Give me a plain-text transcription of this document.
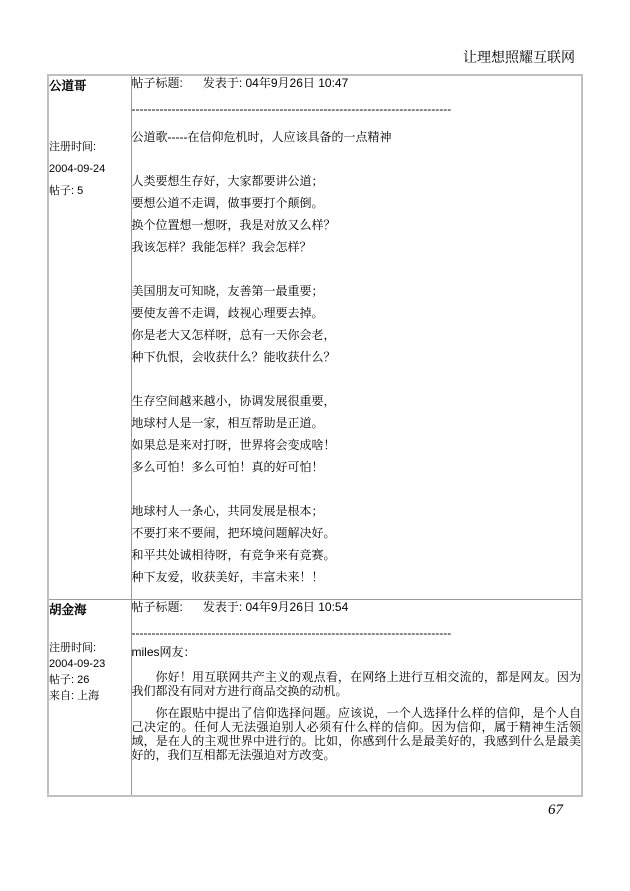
让理想照耀互联网
公道哥
注册时间:
2004-09-24
帖子: 5

帖子标题: 发表于: 04年9月26日 10:47
--------------------------------------------------------------------------------
公道歌-----在信仰危机时，人应该具备的一点精神
人类要想生存好，大家都要讲公道；
要想公道不走调，做事要打个颠倒。
换个位置想一想呀，我是对放又么样？
我该怎样？我能怎样？我会怎样？
美国朋友可知晓，友善第一最重要；
要使友善不走调，歧视心理要去掉。
你是老大又怎样呀，总有一天你会老，
种下仇恨，会收获什么？能收获什么？
生存空间越来越小，协调发展很重要，
地球村人是一家，相互帮助是正道。
如果总是来对打呀，世界将会变成啥！
多么可怕！多么可怕！真的好可怕！
地球村人一条心，共同发展是根本；
不要打来不要闹，把环境问题解决好。
和平共处诚相待呀，有竞争来有竞赛。
种下友爱，收获美好，丰富未来！！

胡金海
注册时间:
2004-09-23
帖子: 26
来自: 上海

帖子标题: 发表于: 04年9月26日 10:54
--------------------------------------------------------------------------------
miles网友：

你好！用互联网共产主义的观点看，在网络上进行互相交流的，都是网友。因为我们都没有同对方进行商品交换的动机。

你在跟贴中提出了信仰选择问题。应该说，一个人选择什么样的信仰，是个人自己决定的。任何人无法强迫别人必须有什么样的信仰。因为信仰，属于精神生活领域，是在人的主观世界中进行的。比如，你感到什么是最美好的，我感到什么是最美好的，我们互相都无法强迫对方改变。

67
